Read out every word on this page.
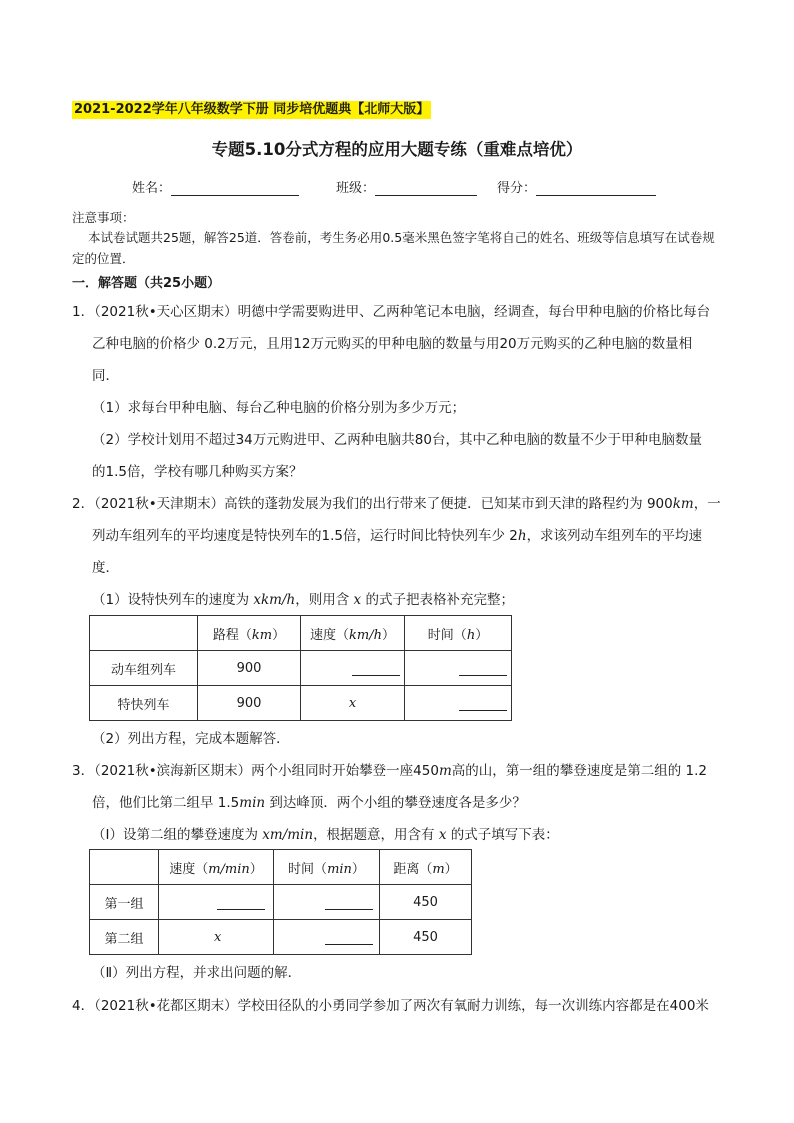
2021-2022学年八年级数学下册 同步培优题典【北师大版】
专题5.10分式方程的应用大题专练（重难点培优）
姓名：	班级：	得分：
注意事项：
本试卷试题共25题，解答25道．答卷前，考生务必用0.5毫米黑色签字笔将自己的姓名、班级等信息填写在试卷规定的位置．
一．解答题（共25小题）
1．（2021秋•天心区期末）明德中学需要购进甲、乙两种笔记本电脑，经调查，每台甲种电脑的价格比每台
乙种电脑的价格少 0.2万元，且用12万元购买的甲种电脑的数量与用20万元购买的乙种电脑的数量相
同．
（1）求每台甲种电脑、每台乙种电脑的价格分别为多少万元；
（2）学校计划用不超过34万元购进甲、乙两种电脑共80台，其中乙种电脑的数量不少于甲种电脑数量
的1.5倍，学校有哪几种购买方案？
2．（2021秋•天津期末）高铁的蓬勃发展为我们的出行带来了便捷．已知某市到天津的路程约为 900km，一
列动车组列车的平均速度是特快列车的1.5倍，运行时间比特快列车少 2h，求该列动车组列车的平均速
度．
（1）设特快列车的速度为 xkm/h，则用含 x 的式子把表格补充完整；
	路程（km）	速度（km/h）	时间（h）
动车组列车	900		
特快列车	900	x	
（2）列出方程，完成本题解答．
3．（2021秋•滨海新区期末）两个小组同时开始攀登一座450m高的山，第一组的攀登速度是第二组的 1.2
倍，他们比第二组早 1.5min 到达峰顶．两个小组的攀登速度各是多少？
（Ⅰ）设第二组的攀登速度为 xm/min，根据题意，用含有 x 的式子填写下表：
	速度（m/min）	时间（min）	距离（m）
第一组			450
第二组	x		450
（Ⅱ）列出方程，并求出问题的解．
4．（2021秋•花都区期末）学校田径队的小勇同学参加了两次有氧耐力训练，每一次训练内容都是在400米
